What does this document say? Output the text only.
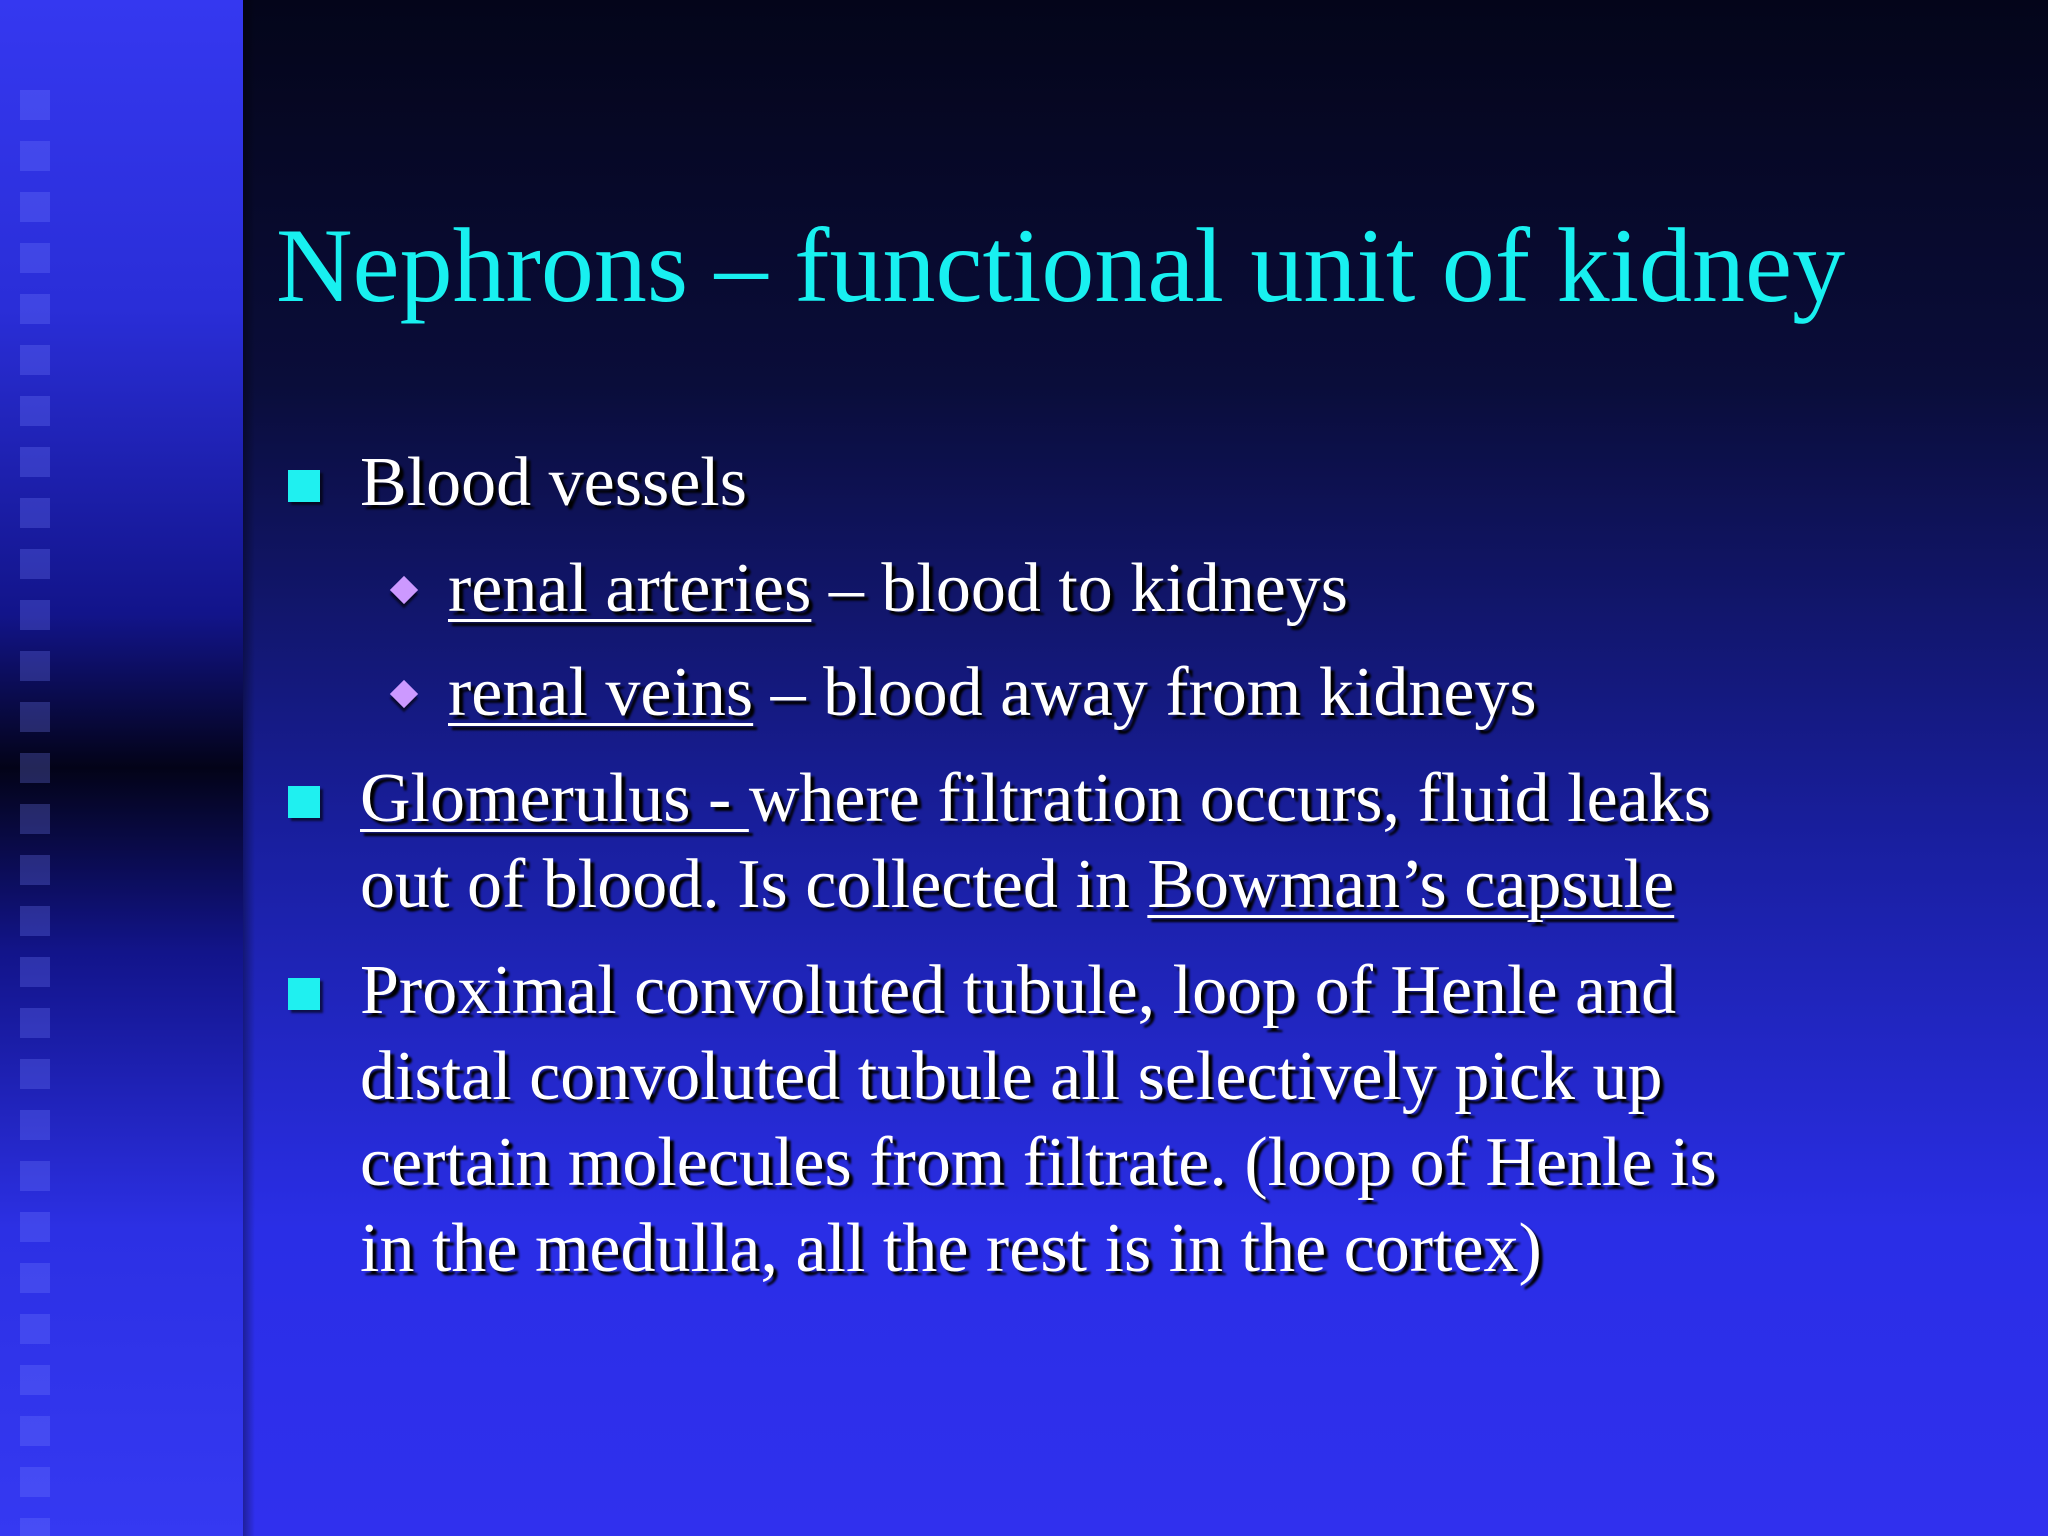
Nephrons – functional unit of kidney
Blood vessels
renal arteries – blood to kidneys
renal veins – blood away from kidneys
Glomerulus - where filtration occurs, fluid leaks
out of blood. Is collected in Bowman’s capsule
Proximal convoluted tubule, loop of Henle and
distal convoluted tubule all selectively pick up
certain molecules from filtrate. (loop of Henle is
in the medulla, all the rest is in the cortex)
